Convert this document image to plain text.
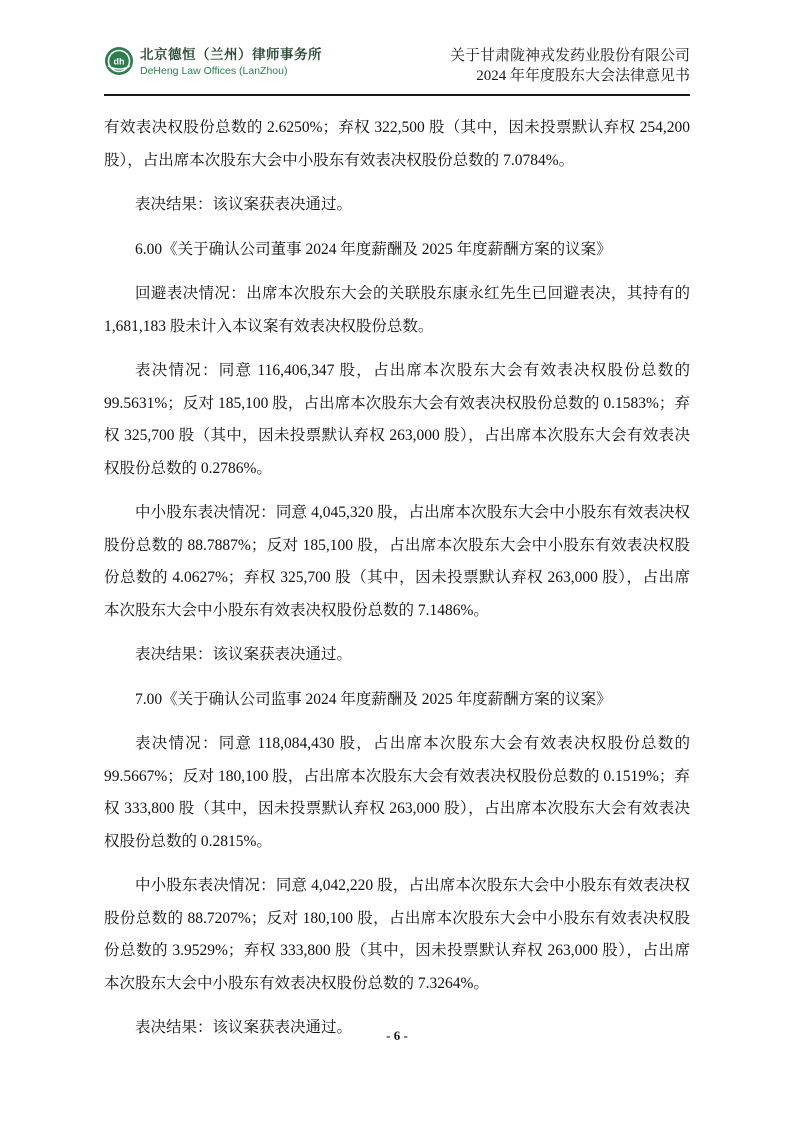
dh 北京德恒（兰州）律师事务所
DeHeng Law Offices (LanZhou)
关于甘肃陇神戎发药业股份有限公司
2024 年年度股东大会法律意见书

有效表决权股份总数的 2.6250%；弃权 322,500 股（其中，因未投票默认弃权 254,200 股），占出席本次股东大会中小股东有效表决权股份总数的 7.0784%。

表决结果：该议案获表决通过。

6.00《关于确认公司董事 2024 年度薪酬及 2025 年度薪酬方案的议案》

回避表决情况：出席本次股东大会的关联股东康永红先生已回避表决，其持有的 1,681,183 股未计入本议案有效表决权股份总数。

表决情况：同意 116,406,347 股，占出席本次股东大会有效表决权股份总数的 99.5631%；反对 185,100 股，占出席本次股东大会有效表决权股份总数的 0.1583%；弃权 325,700 股（其中，因未投票默认弃权 263,000 股），占出席本次股东大会有效表决权股份总数的 0.2786%。

中小股东表决情况：同意 4,045,320 股，占出席本次股东大会中小股东有效表决权股份总数的 88.7887%；反对 185,100 股，占出席本次股东大会中小股东有效表决权股份总数的 4.0627%；弃权 325,700 股（其中，因未投票默认弃权 263,000 股），占出席本次股东大会中小股东有效表决权股份总数的 7.1486%。

表决结果：该议案获表决通过。

7.00《关于确认公司监事 2024 年度薪酬及 2025 年度薪酬方案的议案》

表决情况：同意 118,084,430 股，占出席本次股东大会有效表决权股份总数的 99.5667%；反对 180,100 股，占出席本次股东大会有效表决权股份总数的 0.1519%；弃权 333,800 股（其中，因未投票默认弃权 263,000 股），占出席本次股东大会有效表决权股份总数的 0.2815%。

中小股东表决情况：同意 4,042,220 股，占出席本次股东大会中小股东有效表决权股份总数的 88.7207%；反对 180,100 股，占出席本次股东大会中小股东有效表决权股份总数的 3.9529%；弃权 333,800 股（其中，因未投票默认弃权 263,000 股），占出席本次股东大会中小股东有效表决权股份总数的 7.3264%。

表决结果：该议案获表决通过。	- 6 -
